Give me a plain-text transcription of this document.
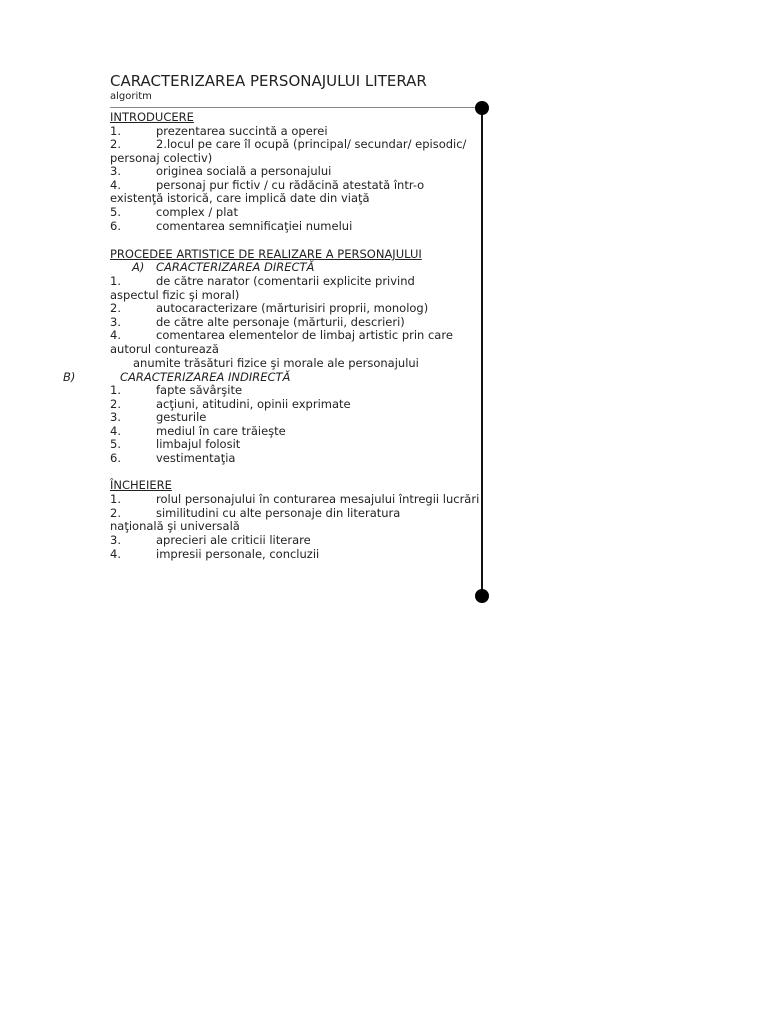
CARACTERIZAREA PERSONAJULUI LITERAR
algoritm
INTRODUCERE
1.	prezentarea succintă a operei
2.	2.locul pe care îl ocupă (principal/ secundar/ episodic/
personaj colectiv)
3.	originea socială a personajului
4.	personaj pur fictiv / cu rădăcină atestată într-o
existenţă istorică, care implică date din viaţă
5.	complex / plat
6.	comentarea semnificaţiei numelui
PROCEDEE ARTISTICE DE REALIZARE A PERSONAJULUI
A) CARACTERIZAREA DIRECTĂ
1.	de către narator (comentarii explicite privind
aspectul fizic şi moral)
2.	autocaracterizare (mărturisiri proprii, monolog)
3.	de către alte personaje (mărturii, descrieri)
4.	comentarea elementelor de limbaj artistic prin care
autorul conturează
anumite trăsături fizice şi morale ale personajului
B)	CARACTERIZAREA INDIRECTĂ
1.	fapte săvârşite
2.	acţiuni, atitudini, opinii exprimate
3.	gesturile
4.	mediul în care trăieşte
5.	limbajul folosit
6.	vestimentaţia
ÎNCHEIERE
1.	rolul personajului în conturarea mesajului întregii lucrări
2.	similitudini cu alte personaje din literatura
naţională şi universală
3.	aprecieri ale criticii literare
4.	impresii personale, concluzii
